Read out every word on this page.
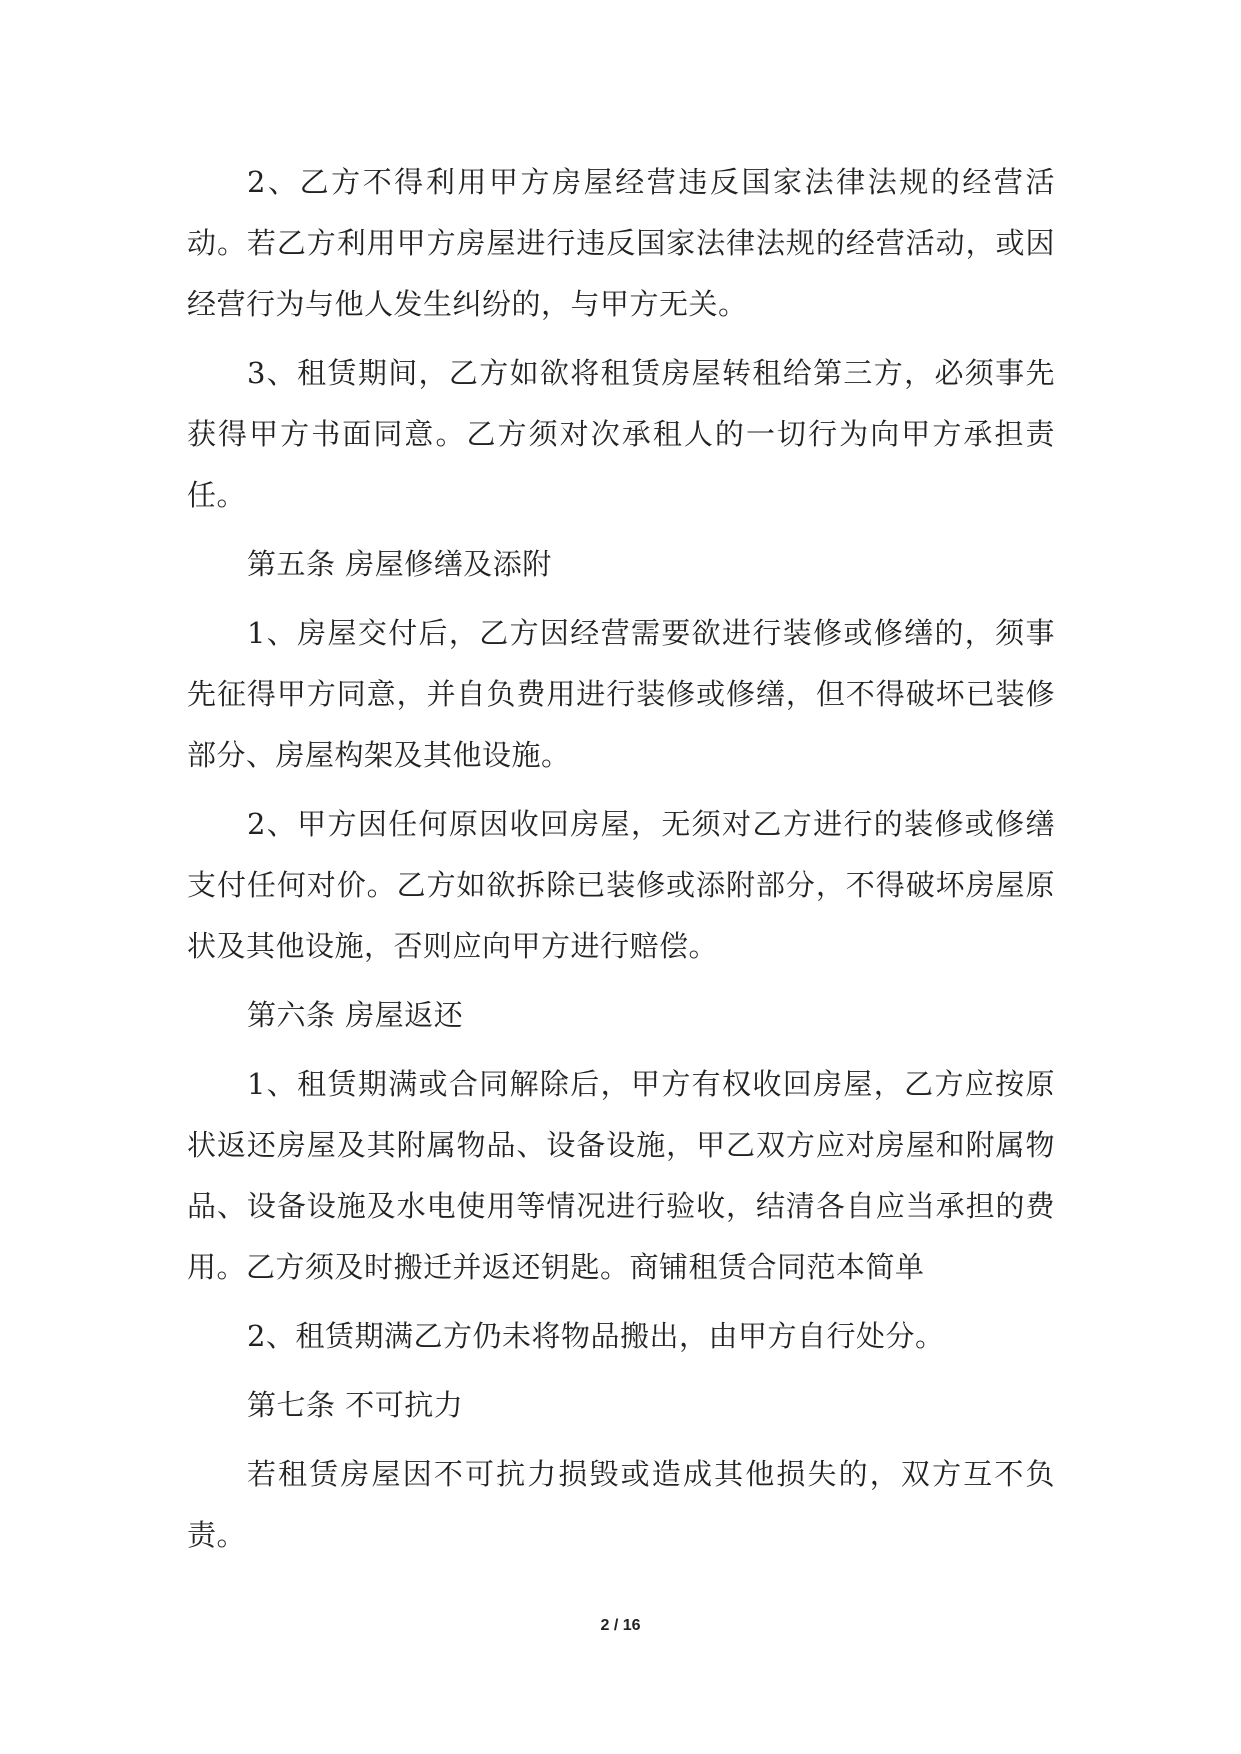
2、乙方不得利用甲方房屋经营违反国家法律法规的经营活动。若乙方利用甲方房屋进行违反国家法律法规的经营活动，或因经营行为与他人发生纠纷的，与甲方无关。

3、租赁期间，乙方如欲将租赁房屋转租给第三方，必须事先获得甲方书面同意。乙方须对次承租人的一切行为向甲方承担责任。

第五条 房屋修缮及添附

1、房屋交付后，乙方因经营需要欲进行装修或修缮的，须事先征得甲方同意，并自负费用进行装修或修缮，但不得破坏已装修部分、房屋构架及其他设施。

2、甲方因任何原因收回房屋，无须对乙方进行的装修或修缮支付任何对价。乙方如欲拆除已装修或添附部分，不得破坏房屋原状及其他设施，否则应向甲方进行赔偿。

第六条 房屋返还

1、租赁期满或合同解除后，甲方有权收回房屋，乙方应按原状返还房屋及其附属物品、设备设施，甲乙双方应对房屋和附属物品、设备设施及水电使用等情况进行验收，结清各自应当承担的费用。乙方须及时搬迁并返还钥匙。商铺租赁合同范本简单

2、租赁期满乙方仍未将物品搬出，由甲方自行处分。

第七条 不可抗力

若租赁房屋因不可抗力损毁或造成其他损失的，双方互不负责。

2 / 16
